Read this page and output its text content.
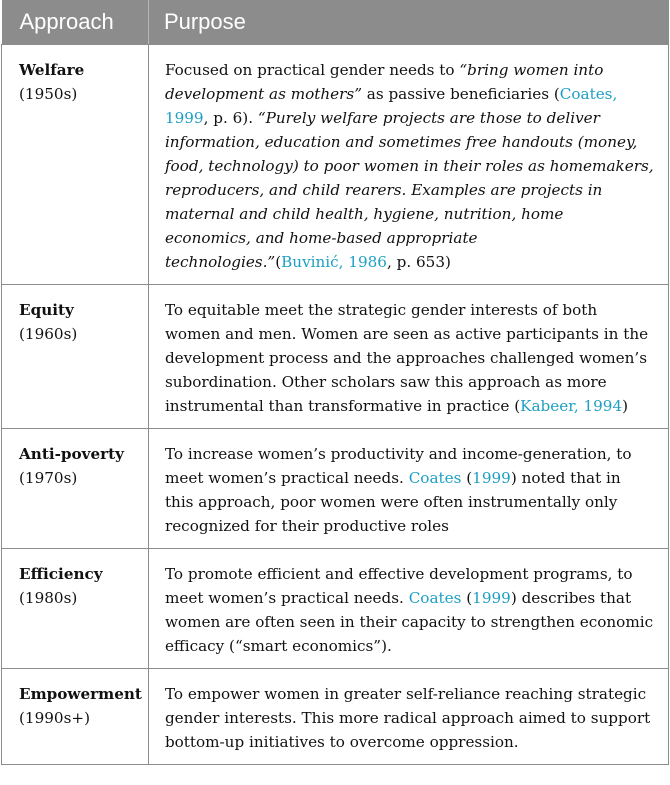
Approach	Purpose

Welfare
(1950s)	Focused on practical gender needs to “bring women into development as mothers” as passive beneficiaries (Coates, 1999, p. 6). “Purely welfare projects are those to deliver information, education and sometimes free handouts (money, food, technology) to poor women in their roles as homemakers, reproducers, and child rearers. Examples are projects in maternal and child health, hygiene, nutrition, home economics, and home-based appropriate technologies.”(Buvinić, 1986, p. 653)

Equity
(1960s)	To equitable meet the strategic gender interests of both women and men. Women are seen as active participants in the development process and the approaches challenged women’s subordination. Other scholars saw this approach as more instrumental than transformative in practice (Kabeer, 1994)

Anti-poverty
(1970s)	To increase women’s productivity and income-generation, to meet women’s practical needs. Coates (1999) noted that in this approach, poor women were often instrumentally only recognized for their productive roles

Efficiency
(1980s)	To promote efficient and effective development programs, to meet women’s practical needs. Coates (1999) describes that women are often seen in their capacity to strengthen economic efficacy (“smart economics”).

Empowerment
(1990s+)	To empower women in greater self-reliance reaching strategic gender interests. This more radical approach aimed to support bottom-up initiatives to overcome oppression.
